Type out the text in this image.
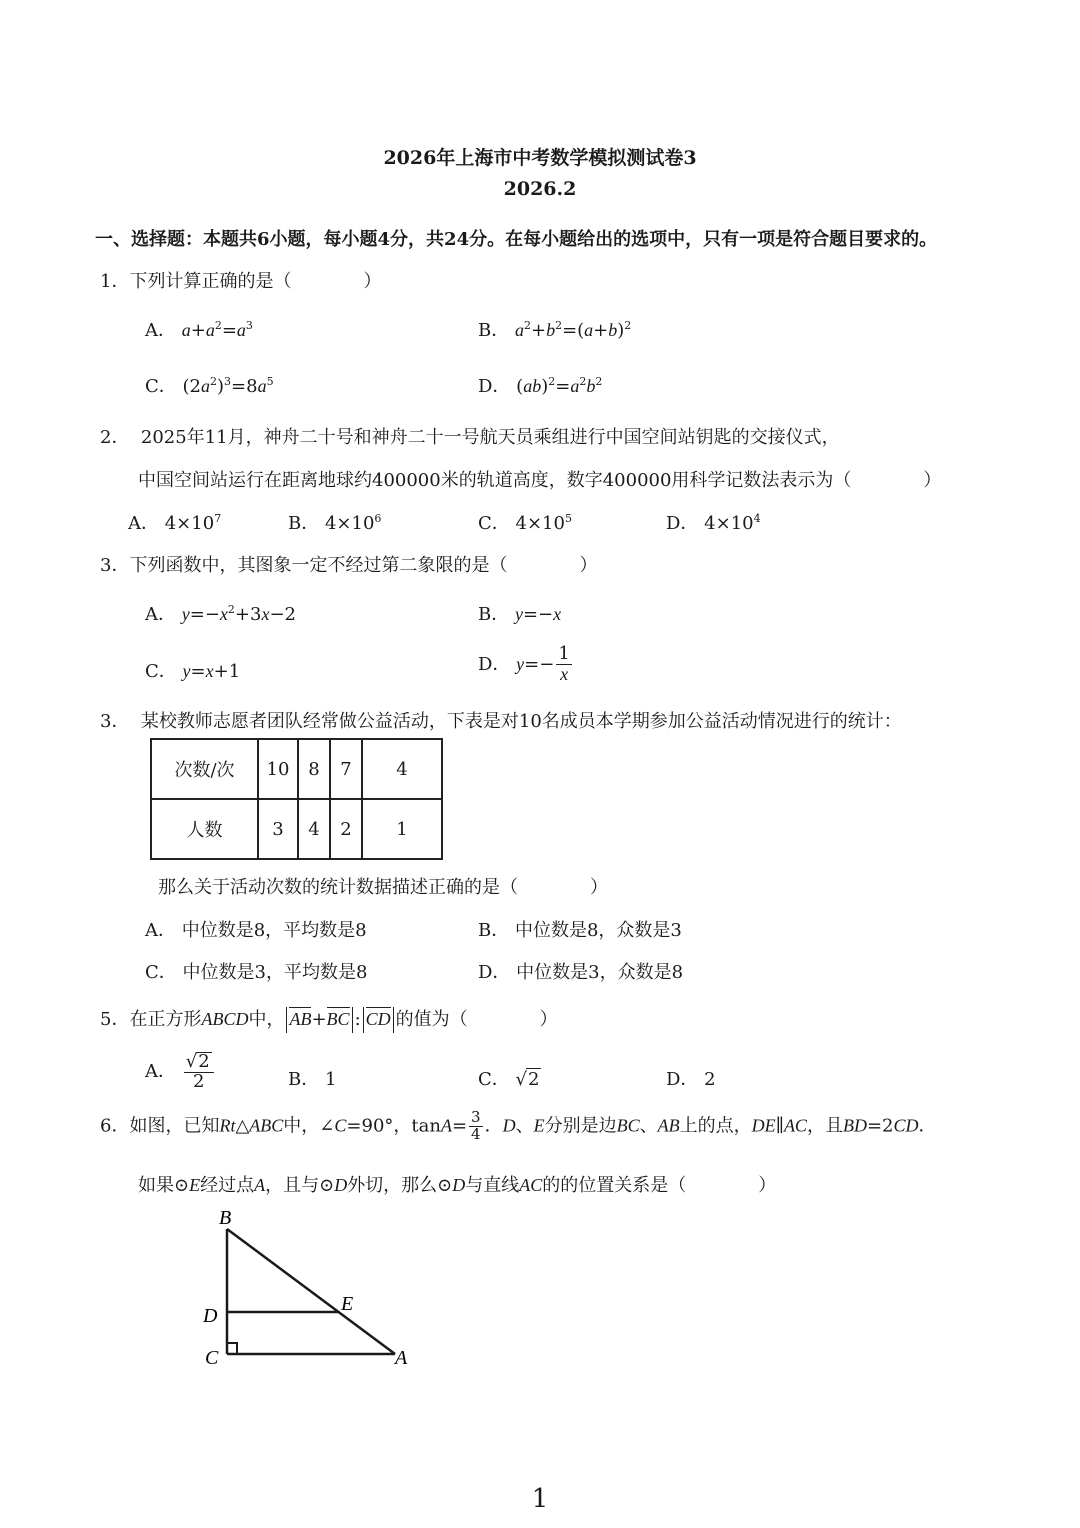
2026年上海市中考数学模拟测试卷3
2026.2
一、选择题：本题共6小题，每小题4分，共24分。在每小题给出的选项中，只有一项是符合题目要求的。
1．下列计算正确的是（　　　　）
A． $a+a^2=a^3$	B． $a^2+b^2=(a+b)^2$
C． $(2a^2)^3=8a^5$	D． $(ab)^2=a^2b^2$
2． 2025年11月，神舟二十号和神舟二十一号航天员乘组进行中国空间站钥匙的交接仪式，
中国空间站运行在距离地球约400000米的轨道高度，数字400000用科学记数法表示为（　　　　）
A． $4\times 10^7$	B． $4\times 10^6$	C． $4\times 10^5$	D． $4\times 10^4$
3．下列函数中，其图象一定不经过第二象限的是（　　　　）
A． $y=-x^2+3x-2$	B． y=−x
C． y=x+1	D． $y=- \frac{1}{x}$
3． 某校教师志愿者团队经常做公益活动，下表是对10名成员本学期参加公益活动情况进行的统计：
次数/次	10	8	7	4
人数	3	4	2	1
那么关于活动次数的统计数据描述正确的是（　　　　）
A． 中位数是8，平均数是8	B． 中位数是8，众数是3
C． 中位数是3，平均数是8	D． 中位数是3，众数是8
5．在正方形ABCD中， AB+BC : CD 的值为（　　　　）
A． $\frac{√2}{2}$	B． 1	C． √2	D． 2
6．如图，已知Rt△ABC中，∠C=90°，$\tan A= \frac{3}{4}$ ．D、E分别是边BC、AB上的点，DE∥AC，且BD=2CD．
如果⊙E经过点A，且与⊙D外切，那么⊙D与直线AC的的位置关系是（　　　　）
B
D
E
C	A
1
